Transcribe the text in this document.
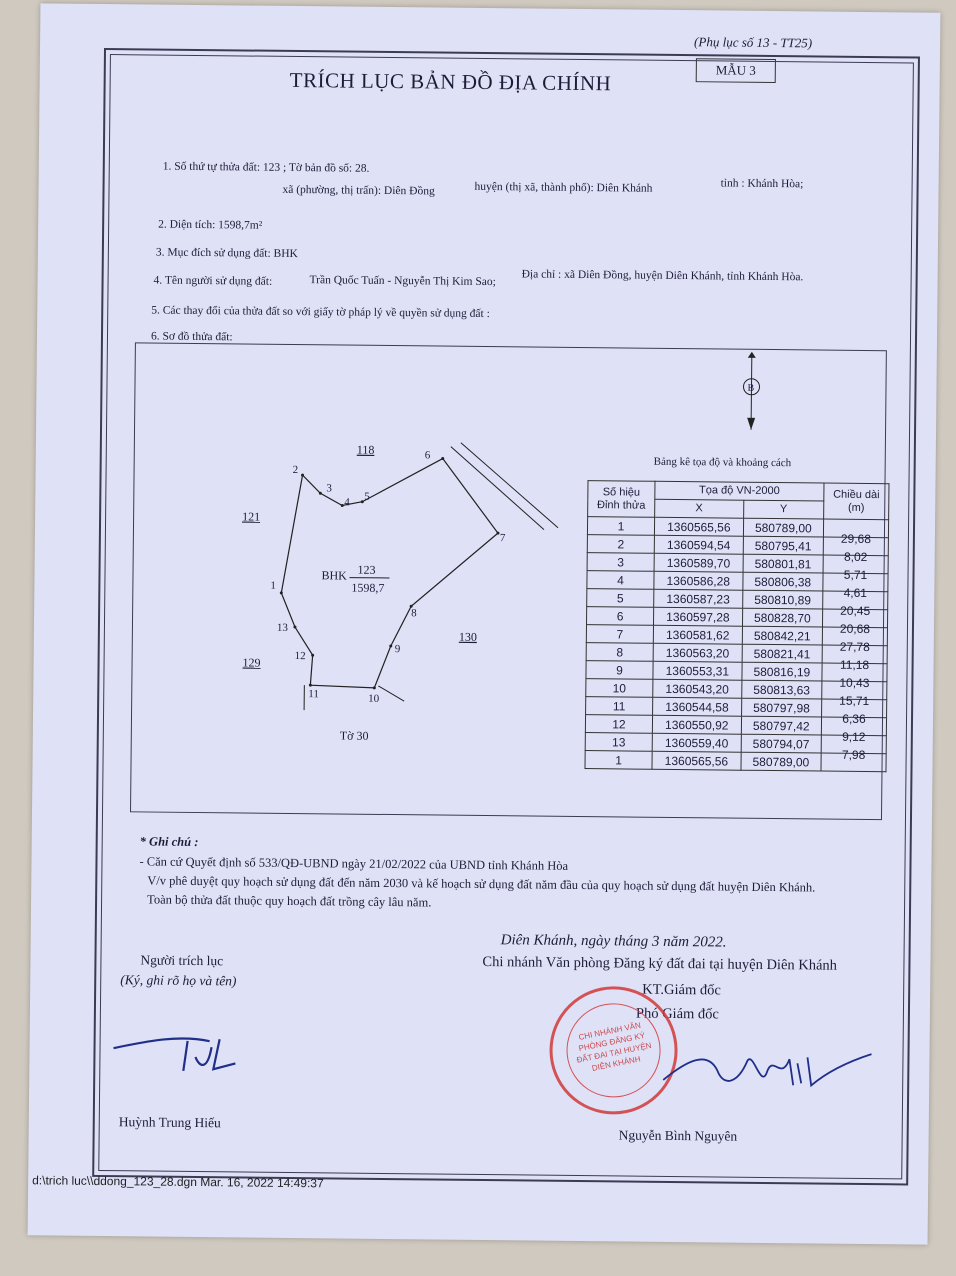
(Phụ lục số 13 - TT25)
TRÍCH LỤC BẢN ĐỒ ĐỊA CHÍNH	MẪU 3
1. Số thứ tự thửa đất: 123 ; Tờ bản đồ số: 28.
xã (phường, thị trấn): Diên Đồng	huyện (thị xã, thành phố): Diên Khánh	tỉnh : Khánh Hòa;
2. Diện tích: 1598,7m²
3. Mục đích sử dụng đất: BHK
4. Tên người sử dụng đất:	Trần Quốc Tuấn - Nguyễn Thị Kim Sao; Địa chỉ : xã Diên Đồng, huyện Diên Khánh, tỉnh Khánh Hòa.
5. Các thay đổi của thửa đất so với giấy tờ pháp lý về quyền sử dụng đất :
6. Sơ đồ thửa đất:
B
1
2
3
4 5
6
7
8
9
10
11
12
13
BHK 123
1598,7
118
121
129
130
Tờ 30
Bảng kê tọa độ và khoảng cách
Số hiệu Đỉnh thửa	Tọa độ VN-2000		Chiều dài (m)
	X	Y	
1	1360565,56	580789,00	
2	1360594,54	580795,41	29,68
3	1360589,70	580801,81	8,02
4	1360586,28	580806,38	5,71
5	1360587,23	580810,89	4,61
6	1360597,28	580828,70	20,45
7	1360581,62	580842,21	20,68
8	1360563,20	580821,41	27,78
9	1360553,31	580816,19	11,18
10	1360543,20	580813,63	10,43
11	1360544,58	580797,98	15,71
12	1360550,92	580797,42	6,36
13	1360559,40	580794,07	9,12
1	1360565,56	580789,00	7,98
* Ghi chú :
- Căn cứ Quyết định số 533/QĐ-UBND ngày 21/02/2022 của UBND tỉnh Khánh Hòa
V/v phê duyệt quy hoạch sử dụng đất đến năm 2030 và kế hoạch sử dụng đất năm đầu của quy hoạch sử dụng đất huyện Diên Khánh.
Toàn bộ thửa đất thuộc quy hoạch đất trồng cây lâu năm.
Diên Khánh, ngày tháng 3 năm 2022.
Chi nhánh Văn phòng Đăng ký đất đai tại huyện Diên Khánh
Người trích lục
(Ký, ghi rõ họ và tên)
KT.Giám đốc
Phó Giám đốc
CHI NHÁNH VĂN PHÒNG ĐĂNG KÝ ĐẤT ĐAI TẠI HUYỆN DIÊN KHÁNH
Huỳnh Trung Hiếu
Nguyễn Bình Nguyên
d:\trich luc\\ddong_123_28.dgn Mar. 16, 2022 14:49:37
